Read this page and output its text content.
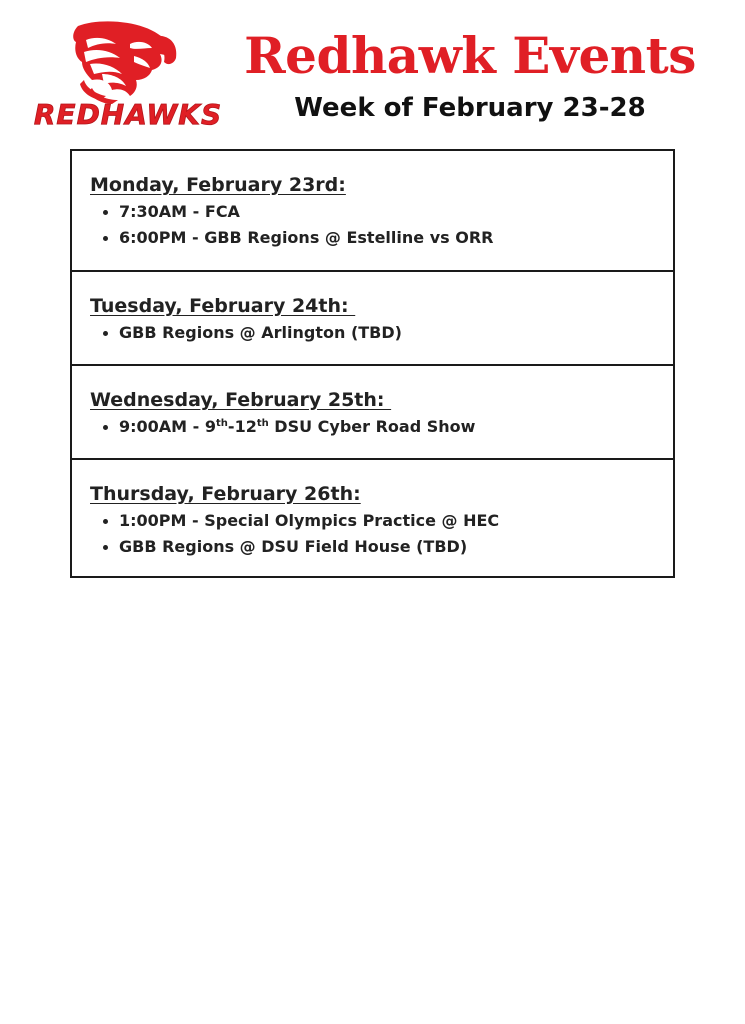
REDHAWKS
Redhawk Events
Week of February 23-28
Monday, February 23rd:
7:30AM - FCA
6:00PM - GBB Regions @ Estelline vs ORR
Tuesday, February 24th:
GBB Regions @ Arlington (TBD)
Wednesday, February 25th:
9:00AM - 9th-12th DSU Cyber Road Show
Thursday, February 26th:
1:00PM - Special Olympics Practice @ HEC
GBB Regions @ DSU Field House (TBD)
